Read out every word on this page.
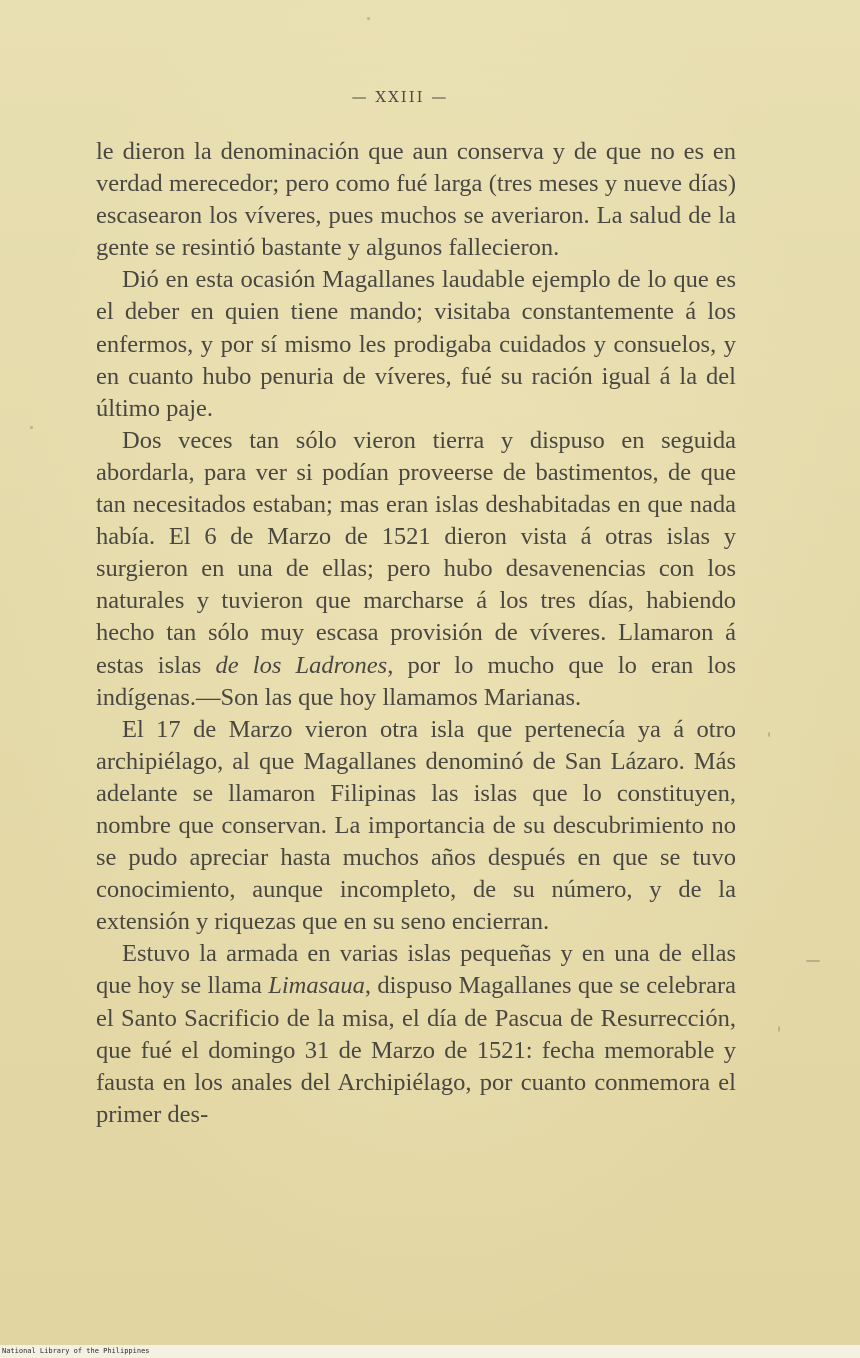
— XXIII —

le dieron la denominación que aun conserva y de que no es en verdad merecedor; pero como fué larga (tres meses y nueve días) escasearon los víveres, pues muchos se averiaron. La salud de la gente se resintió bastante y algunos fallecieron.

Dió en esta ocasión Magallanes laudable ejemplo de lo que es el deber en quien tiene mando; visitaba constantemente á los enfermos, y por sí mismo les prodigaba cuidados y consuelos, y en cuanto hubo penuria de víveres, fué su ración igual á la del último paje.

Dos veces tan sólo vieron tierra y dispuso en seguida abordarla, para ver si podían proveerse de bastimentos, de que tan necesitados estaban; mas eran islas deshabitadas en que nada había. El 6 de Marzo de 1521 dieron vista á otras islas y surgieron en una de ellas; pero hubo desavenencias con los naturales y tuvieron que marcharse á los tres días, habiendo hecho tan sólo muy escasa provisión de víveres. Llamaron á estas islas de los Ladrones, por lo mucho que lo eran los indígenas.—Son las que hoy llamamos Marianas.

El 17 de Marzo vieron otra isla que pertenecía ya á otro archipiélago, al que Magallanes denominó de San Lázaro. Más adelante se llamaron Filipinas las islas que lo constituyen, nombre que conservan. La importancia de su descubrimiento no se pudo apreciar hasta muchos años después en que se tuvo conocimiento, aunque incompleto, de su número, y de la extensión y riquezas que en su seno encierran.

Estuvo la armada en varias islas pequeñas y en una de ellas que hoy se llama Limasaua, dispuso Magallanes que se celebrara el Santo Sacrificio de la misa, el día de Pascua de Resurrección, que fué el domingo 31 de Marzo de 1521: fecha memorable y fausta en los anales del Archipiélago, por cuanto conmemora el primer des-

National Library of the Philippines
